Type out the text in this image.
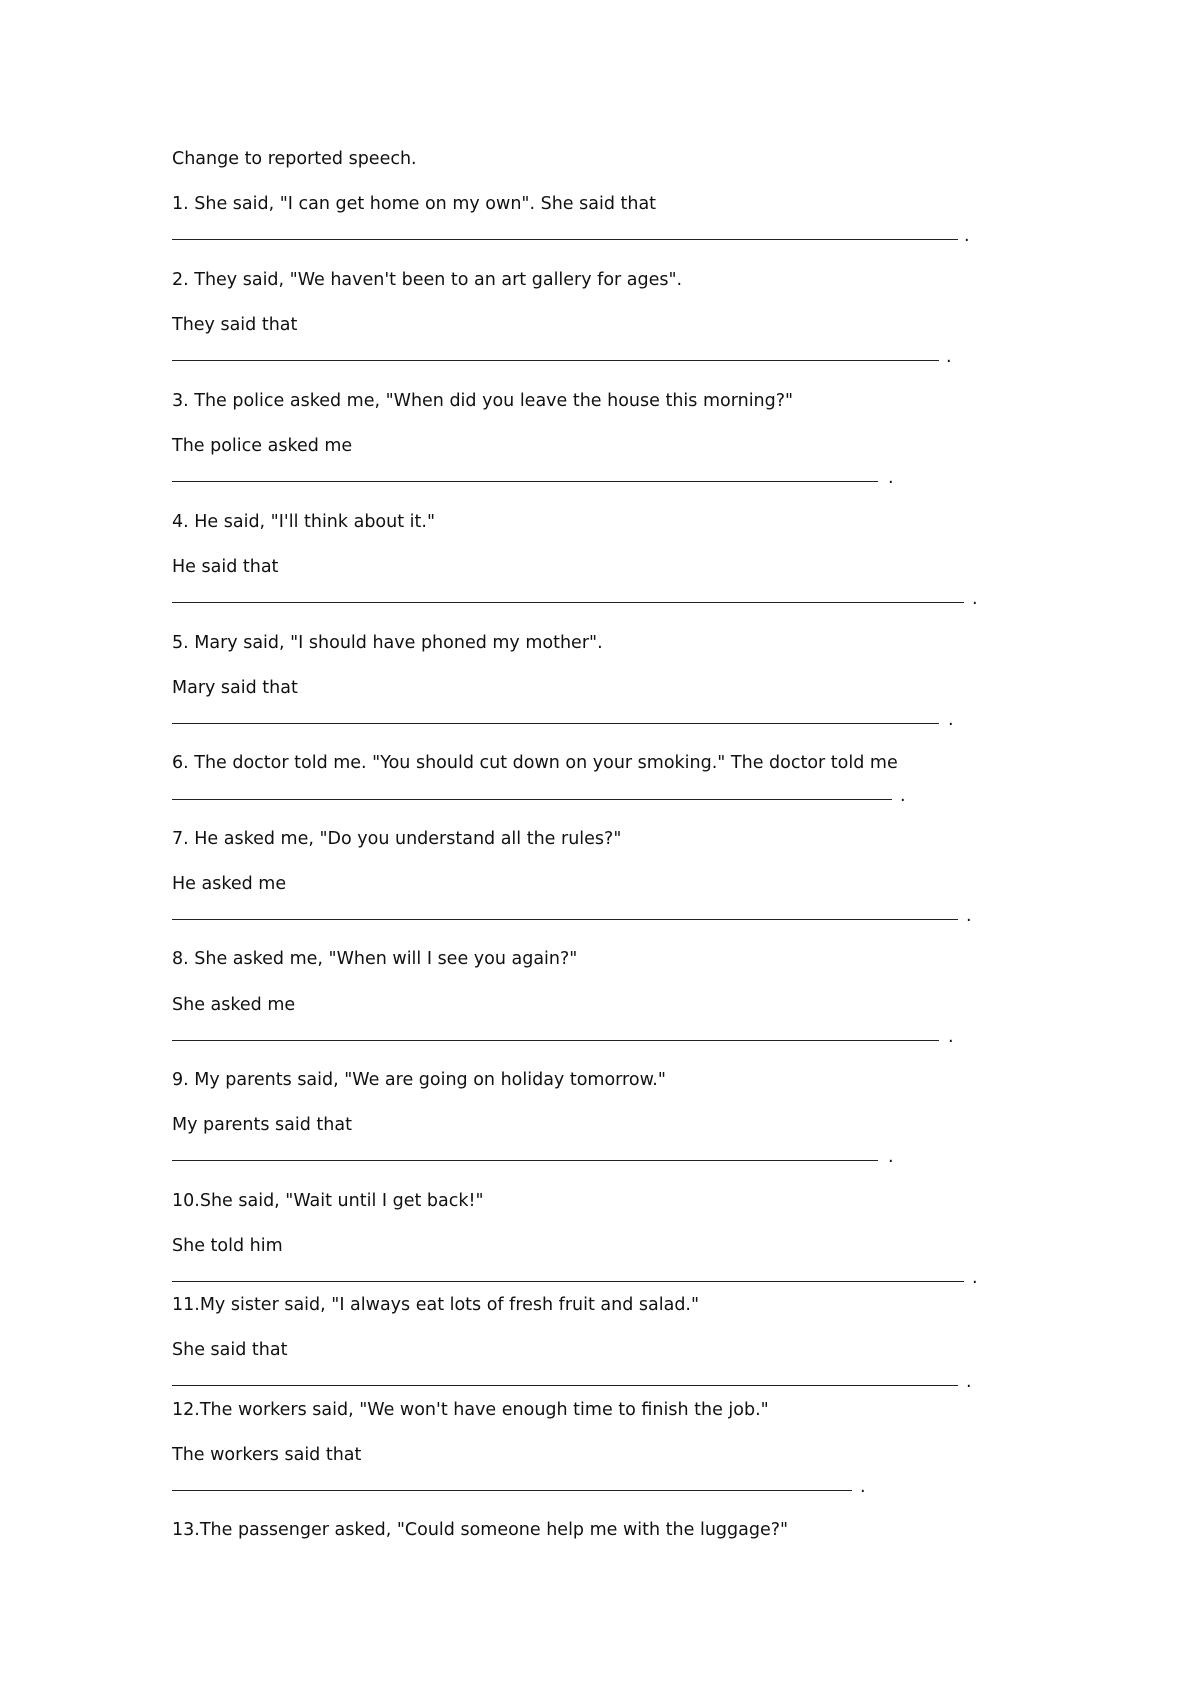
Change to reported speech.
1. She said, "I can get home on my own". She said that
.
2. They said, "We haven't been to an art gallery for ages".
They said that
.
3. The police asked me, "When did you leave the house this morning?"
The police asked me
.
4. He said, "I'll think about it."
He said that
.
5. Mary said, "I should have phoned my mother".
Mary said that
.
6. The doctor told me. "You should cut down on your smoking." The doctor told me
.
7. He asked me, "Do you understand all the rules?"
He asked me
.
8. She asked me, "When will I see you again?"
She asked me
.
9. My parents said, "We are going on holiday tomorrow."
My parents said that
.
10.She said, "Wait until I get back!"
She told him
.
11.My sister said, "I always eat lots of fresh fruit and salad."
She said that
.
12.The workers said, "We won't have enough time to finish the job."
The workers said that
.
13.The passenger asked, "Could someone help me with the luggage?"
